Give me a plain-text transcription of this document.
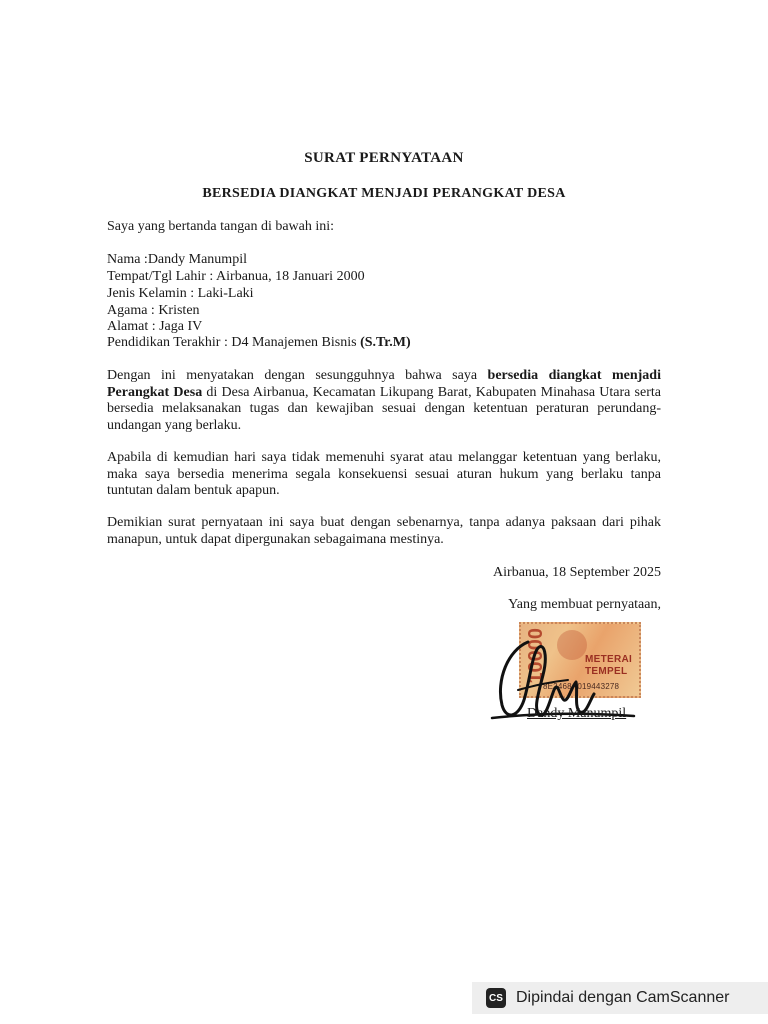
SURAT PERNYATAAN
BERSEDIA DIANGKAT MENJADI PERANGKAT DESA
Saya yang bertanda tangan di bawah ini:
Nama :Dandy Manumpil
Tempat/Tgl Lahir : Airbanua, 18 Januari 2000
Jenis Kelamin : Laki-Laki
Agama : Kristen
Alamat : Jaga IV
Pendidikan Terakhir : D4 Manajemen Bisnis (S.Tr.M)
Dengan ini menyatakan dengan sesungguhnya bahwa saya bersedia diangkat menjadi Perangkat Desa di Desa Airbanua, Kecamatan Likupang Barat, Kabupaten Minahasa Utara serta bersedia melaksanakan tugas dan kewajiban sesuai dengan ketentuan peraturan perundang-undangan yang berlaku.
Apabila di kemudian hari saya tidak memenuhi syarat atau melanggar ketentuan yang berlaku, maka saya bersedia menerima segala konsekuensi sesuai aturan hukum yang berlaku tanpa tuntutan dalam bentuk apapun.
Demikian surat pernyataan ini saya buat dengan sebenarnya, tanpa adanya paksaan dari pihak manapun, untuk dapat dipergunakan sebagaimana mestinya.
Airbanua, 18 September 2025
Yang membuat pernyataan,
10000	METERAI
TEMPEL
8E2468A019443278
Dandy Manumpil
CS Dipindai dengan CamScanner
